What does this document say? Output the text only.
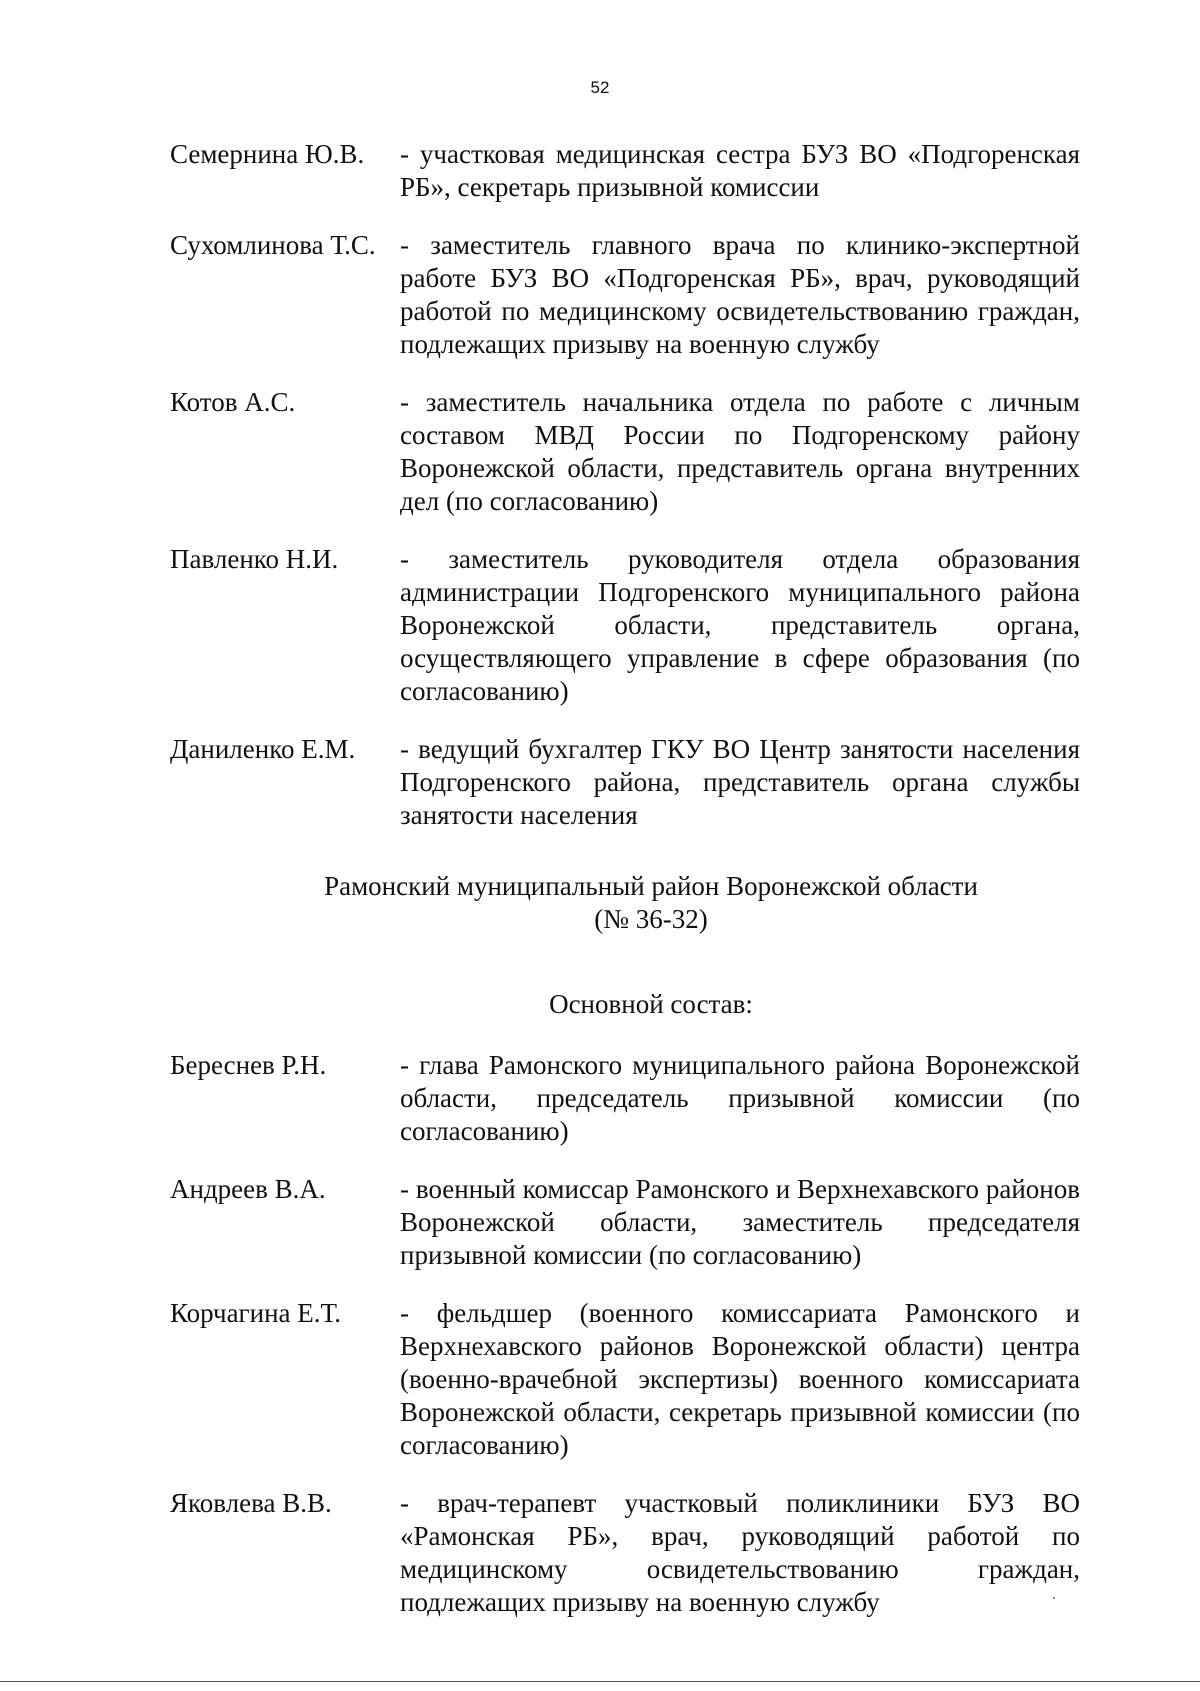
52
Семернина Ю.В.	- участковая медицинская сестра БУЗ ВО «Подгоренская РБ», секретарь призывной комиссии
Сухомлинова Т.С. - заместитель главного врача по клинико-экспертной работе БУЗ ВО «Подгоренская РБ», врач, руководящий работой по медицинскому освидетельствованию граждан, подлежащих призыву на военную службу
Котов А.С.	- заместитель начальника отдела по работе с личным составом МВД России по Подгоренскому району Воронежской области, представитель органа внутренних дел (по согласованию)
Павленко Н.И.	- заместитель руководителя отдела образования администрации Подгоренского муниципального района Воронежской области, представитель органа, осуществляющего управление в сфере образования (по согласованию)
Даниленко Е.М.	- ведущий бухгалтер ГКУ ВО Центр занятости населения Подгоренского района, представитель органа службы занятости населения
Рамонский муниципальный район Воронежской области
(№ 36-32)
Основной состав:
Береснев Р.Н.	- глава Рамонского муниципального района Воронежской области, председатель призывной комиссии (по согласованию)
Андреев В.А.	- военный комиссар Рамонского и Верхнехавского районов Воронежской области, заместитель председателя призывной комиссии (по согласованию)
Корчагина Е.Т.	- фельдшер (военного комиссариата Рамонского и Верхнехавского районов Воронежской области) центра (военно-врачебной экспертизы) военного комиссариата Воронежской области, секретарь призывной комиссии (по согласованию)
Яковлева В.В.	- врач-терапевт участковый поликлиники БУЗ ВО «Рамонская РБ», врач, руководящий работой по медицинскому освидетельствованию граждан, подлежащих призыву на военную службу
